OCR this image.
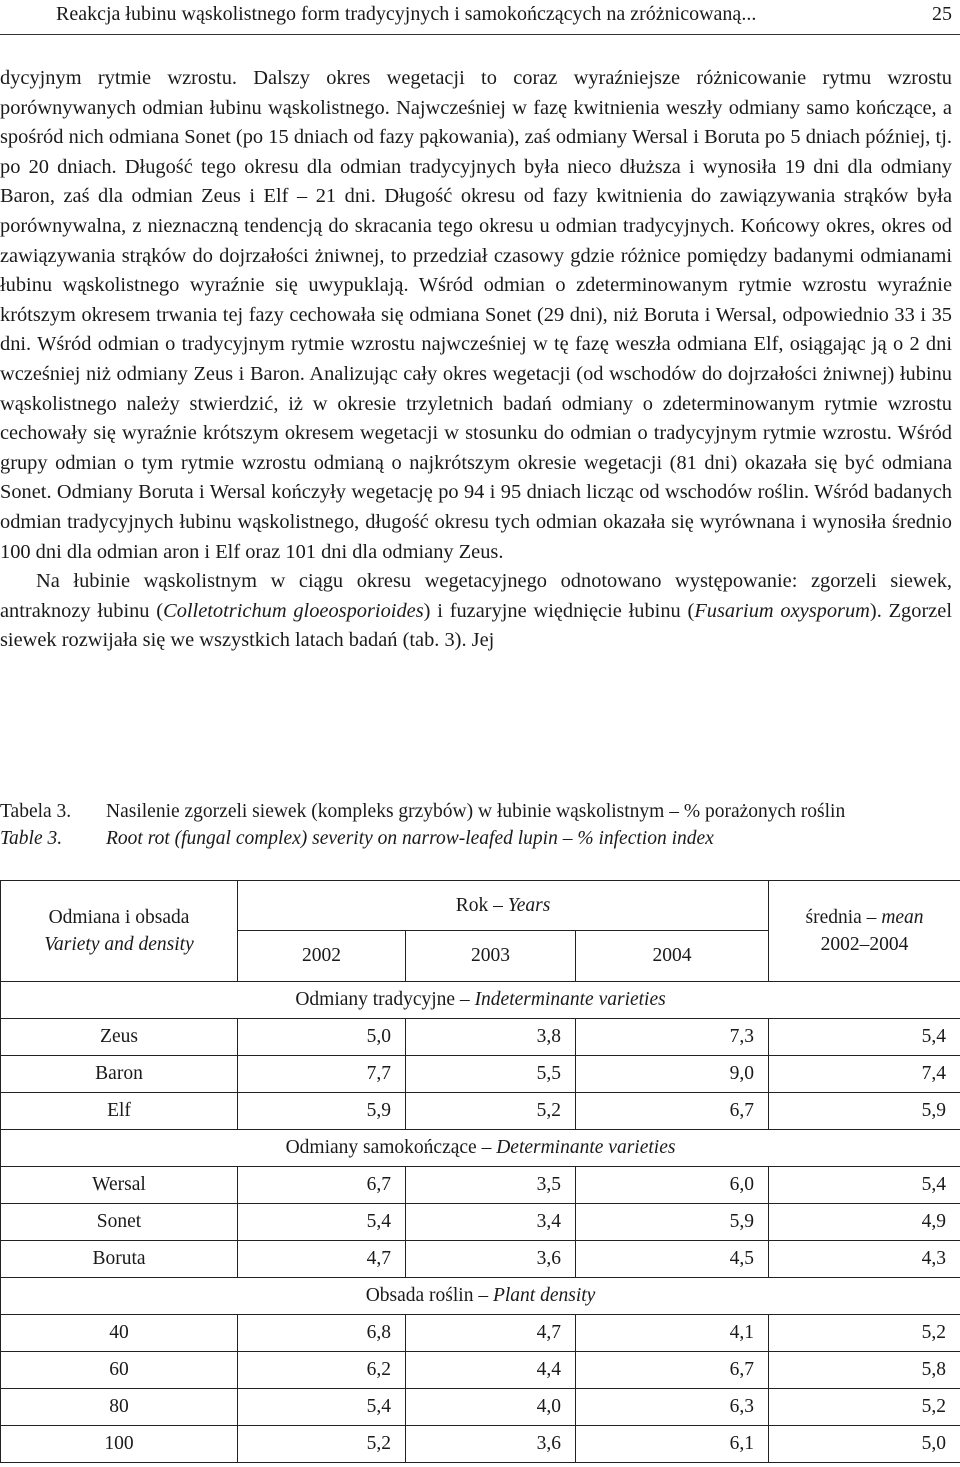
Reakcja łubinu wąskolistnego form tradycyjnych i samokończących na zróżnicowaną...	25

dycyjnym rytmie wzrostu. Dalszy okres wegetacji to coraz wyraźniejsze różnicowanie rytmu wzrostu porównywanych odmian łubinu wąskolistnego. Najwcześniej w fazę kwitnienia weszły odmiany samo kończące, a spośród nich odmiana Sonet (po 15 dniach od fazy pąkowania), zaś odmiany Wersal i Boruta po 5 dniach później, tj. po 20 dniach. Długość tego okresu dla odmian tradycyjnych była nieco dłuższa i wynosiła 19 dni dla odmiany Baron, zaś dla odmian Zeus i Elf – 21 dni. Długość okresu od fazy kwitnienia do zawiązywania strąków była porównywalna, z nieznaczną tendencją do skracania tego okresu u odmian tradycyjnych. Końcowy okres, okres od zawiązywania strąków do dojrzałości żniwnej, to przedział czasowy gdzie różnice pomiędzy badanymi odmianami łubinu wąskolistnego wyraźnie się uwypuklają. Wśród odmian o zdeterminowanym rytmie wzrostu wyraźnie krótszym okresem trwania tej fazy cechowała się odmiana Sonet (29 dni), niż Boruta i Wersal, odpowiednio 33 i 35 dni. Wśród odmian o tradycyjnym rytmie wzrostu najwcześniej w tę fazę weszła odmiana Elf, osiągając ją o 2 dni wcześniej niż odmiany Zeus i Baron. Analizując cały okres wegetacji (od wschodów do dojrzałości żniwnej) łubinu wąskolistnego należy stwierdzić, iż w okresie trzyletnich badań odmiany o zdeterminowanym rytmie wzrostu cechowały się wyraźnie krótszym okresem wegetacji w stosunku do odmian o tradycyjnym rytmie wzrostu. Wśród grupy odmian o tym rytmie wzrostu odmianą o najkrótszym okresie wegetacji (81 dni) okazała się być odmiana Sonet. Odmiany Boruta i Wersal kończyły wegetację po 94 i 95 dniach licząc od wschodów roślin. Wśród badanych odmian tradycyjnych łubinu wąskolistnego, długość okresu tych odmian okazała się wyrównana i wynosiła średnio 100 dni dla odmian aron i Elf oraz 101 dni dla odmiany Zeus.

Na łubinie wąskolistnym w ciągu okresu wegetacyjnego odnotowano występowanie: zgorzeli siewek, antraknozy łubinu (Colletotrichum gloeosporioides) i fuzaryjne więdnięcie łubinu (Fusarium oxysporum). Zgorzel siewek rozwijała się we wszystkich latach badań (tab. 3). Jej

Tabela 3. Nasilenie zgorzeli siewek (kompleks grzybów) w łubinie wąskolistnym – % porażonych roślin
Table 3. Root rot (fungal complex) severity on narrow-leafed lupin – % infection index
Odmiana i obsada
Variety and density	Rok – Years			średnia – mean
2002–2004
	2002	2003	2004	
Odmiany tradycyjne – Indeterminante varieties				
Zeus	5,0	3,8	7,3	5,4
Baron	7,7	5,5	9,0	7,4
Elf	5,9	5,2	6,7	5,9
Odmiany samokończące – Determinante varieties				
Wersal	6,7	3,5	6,0	5,4
Sonet	5,4	3,4	5,9	4,9
Boruta	4,7	3,6	4,5	4,3
Obsada roślin – Plant density				
40	6,8	4,7	4,1	5,2
60	6,2	4,4	6,7	5,8
80	5,4	4,0	6,3	5,2
100	5,2	3,6	6,1	5,0
